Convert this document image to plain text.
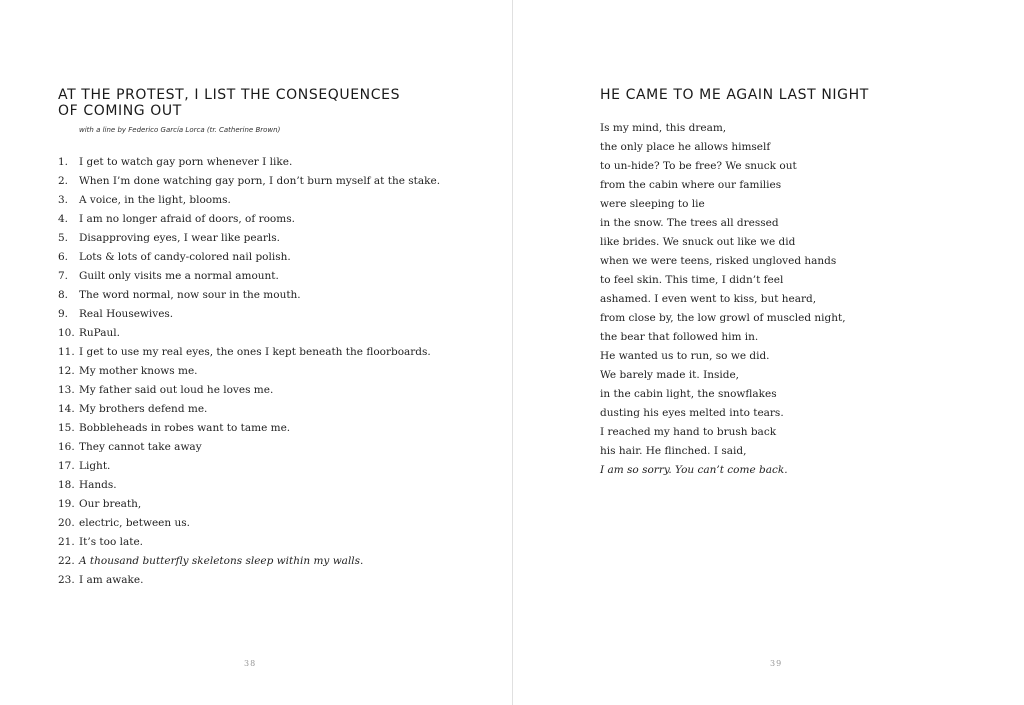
AT THE PROTEST, I LIST THE CONSEQUENCES OF COMING OUT
with a line by Federico García Lorca (tr. Catherine Brown)
1. I get to watch gay porn whenever I like.
2. When I’m done watching gay porn, I don’t burn myself at the stake.
3. A voice, in the light, blooms.
4. I am no longer afraid of doors, of rooms.
5. Disapproving eyes, I wear like pearls.
6. Lots & lots of candy-colored nail polish.
7. Guilt only visits me a normal amount.
8. The word normal, now sour in the mouth.
9. Real Housewives.
10. RuPaul.
11. I get to use my real eyes, the ones I kept beneath the floorboards.
12. My mother knows me.
13. My father said out loud he loves me.
14. My brothers defend me.
15. Bobbleheads in robes want to tame me.
16. They cannot take away
17. Light.
18. Hands.
19. Our breath,
20. electric, between us.
21. It’s too late.
22. A thousand butterfly skeletons sleep within my walls.
23. I am awake.
38
HE CAME TO ME AGAIN LAST NIGHT
Is my mind, this dream,
the only place he allows himself
to un-hide? To be free? We snuck out
from the cabin where our families
were sleeping to lie
in the snow. The trees all dressed
like brides. We snuck out like we did
when we were teens, risked ungloved hands
to feel skin. This time, I didn’t feel
ashamed. I even went to kiss, but heard,
from close by, the low growl of muscled night,
the bear that followed him in.
He wanted us to run, so we did.
We barely made it. Inside,
in the cabin light, the snowflakes
dusting his eyes melted into tears.
I reached my hand to brush back
his hair. He flinched. I said,
I am so sorry. You can’t come back.
39
